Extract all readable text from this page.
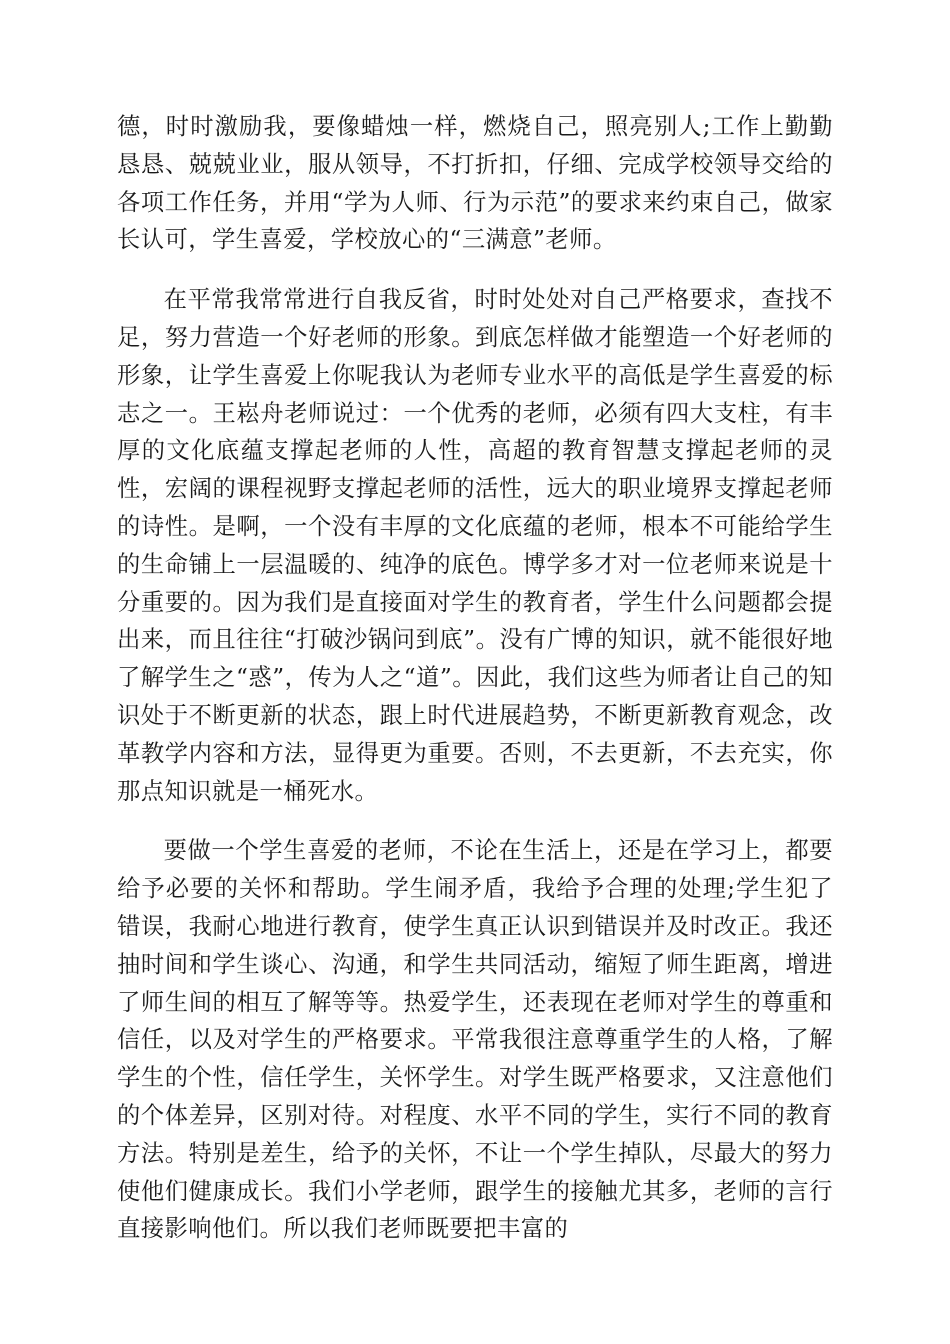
德，时时激励我，要像蜡烛一样，燃烧自己，照亮别人;工作上勤勤恳恳、兢兢业业，服从领导，不打折扣，仔细、完成学校领导交给的各项工作任务，并用“学为人师、行为示范”的要求来约束自己，做家长认可，学生喜爱，学校放心的“三满意”老师。

在平常我常常进行自我反省，时时处处对自己严格要求，查找不足，努力营造一个好老师的形象。到底怎样做才能塑造一个好老师的形象，让学生喜爱上你呢我认为老师专业水平的高低是学生喜爱的标志之一。王崧舟老师说过：一个优秀的老师，必须有四大支柱，有丰厚的文化底蕴支撑起老师的人性，高超的教育智慧支撑起老师的灵性，宏阔的课程视野支撑起老师的活性，远大的职业境界支撑起老师的诗性。是啊，一个没有丰厚的文化底蕴的老师，根本不可能给学生的生命铺上一层温暖的、纯净的底色。博学多才对一位老师来说是十分重要的。因为我们是直接面对学生的教育者，学生什么问题都会提出来，而且往往“打破沙锅问到底”。没有广博的知识，就不能很好地了解学生之“惑”，传为人之“道”。因此，我们这些为师者让自己的知识处于不断更新的状态，跟上时代进展趋势，不断更新教育观念，改革教学内容和方法，显得更为重要。否则，不去更新，不去充实，你那点知识就是一桶死水。

要做一个学生喜爱的老师，不论在生活上，还是在学习上，都要给予必要的关怀和帮助。学生闹矛盾，我给予合理的处理;学生犯了错误，我耐心地进行教育，使学生真正认识到错误并及时改正。我还抽时间和学生谈心、沟通，和学生共同活动，缩短了师生距离，增进了师生间的相互了解等等。热爱学生，还表现在老师对学生的尊重和信任，以及对学生的严格要求。平常我很注意尊重学生的人格，了解学生的个性，信任学生，关怀学生。对学生既严格要求，又注意他们的个体差异，区别对待。对程度、水平不同的学生，实行不同的教育方法。特别是差生，给予的关怀，不让一个学生掉队，尽最大的努力使他们健康成长。我们小学老师，跟学生的接触尤其多，老师的言行直接影响他们。所以我们老师既要把丰富的
